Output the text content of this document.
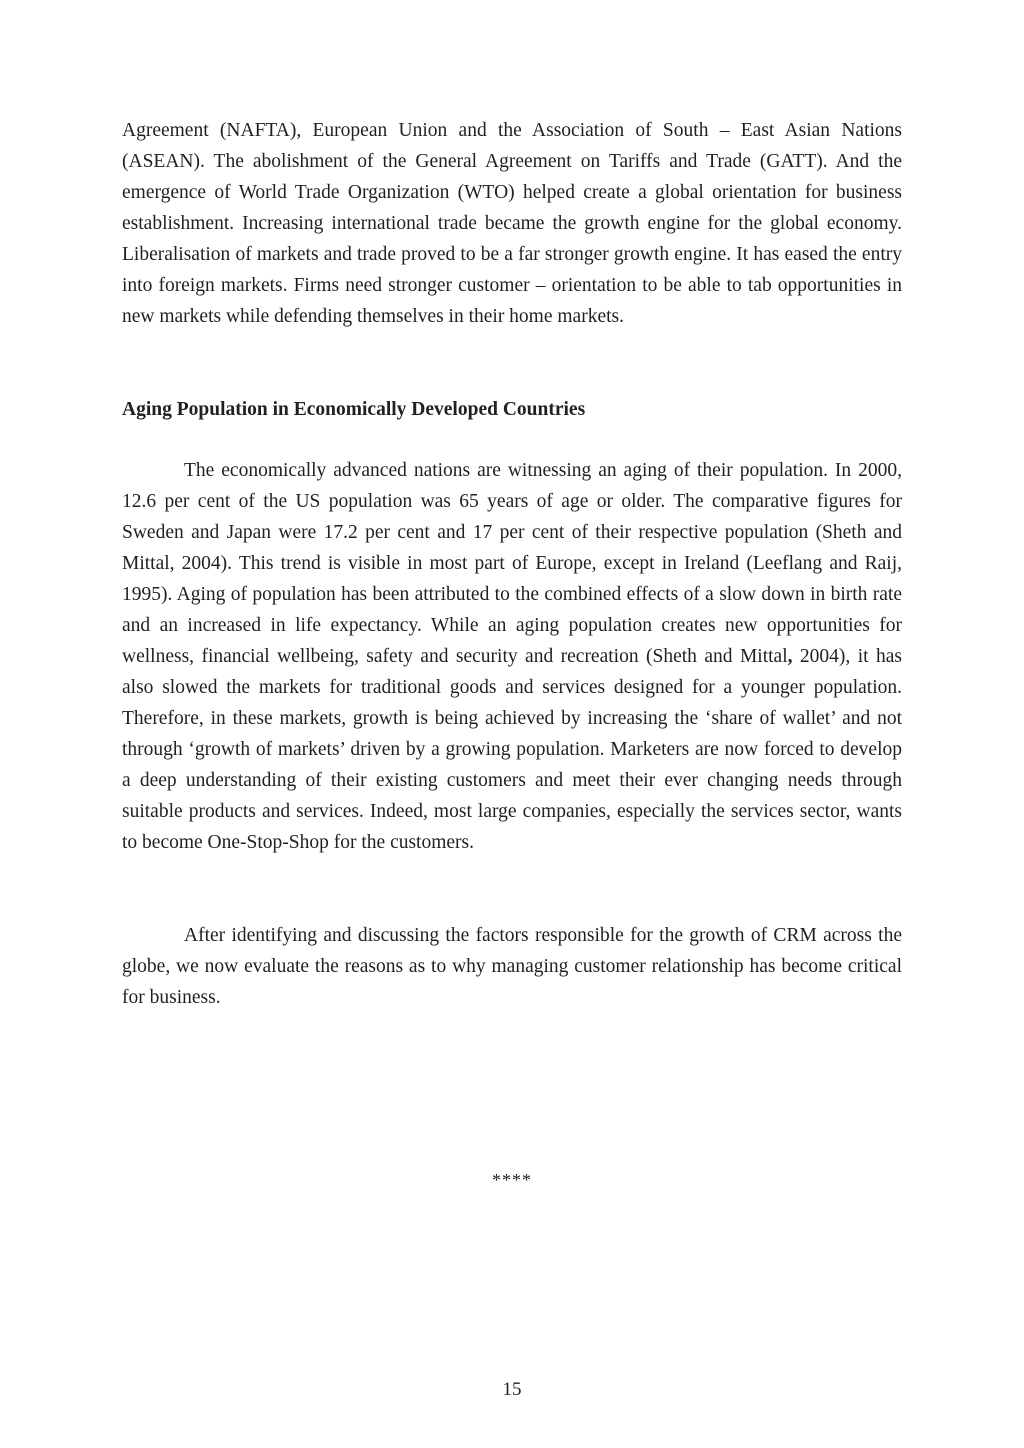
Agreement (NAFTA), European Union and the Association of South – East Asian Nations (ASEAN). The abolishment of the General Agreement on Tariffs and Trade (GATT). And the emergence of World Trade Organization (WTO) helped create a global orientation for business establishment. Increasing international trade became the growth engine for the global economy. Liberalisation of markets and trade proved to be a far stronger growth engine. It has eased the entry into foreign markets. Firms need stronger customer – orientation to be able to tab opportunities in new markets while defending themselves in their home markets.

Aging Population in Economically Developed Countries

The economically advanced nations are witnessing an aging of their population. In 2000, 12.6 per cent of the US population was 65 years of age or older. The comparative figures for Sweden and Japan were 17.2 per cent and 17 per cent of their respective population (Sheth and Mittal, 2004). This trend is visible in most part of Europe, except in Ireland (Leeflang and Raij, 1995). Aging of population has been attributed to the combined effects of a slow down in birth rate and an increased in life expectancy. While an aging population creates new opportunities for wellness, financial wellbeing, safety and security and recreation (Sheth and Mittal, 2004), it has also slowed the markets for traditional goods and services designed for a younger population. Therefore, in these markets, growth is being achieved by increasing the ‘share of wallet’ and not through ‘growth of markets’ driven by a growing population. Marketers are now forced to develop a deep understanding of their existing customers and meet their ever changing needs through suitable products and services. Indeed, most large companies, especially the services sector, wants to become One-Stop-Shop for the customers.

After identifying and discussing the factors responsible for the growth of CRM across the globe, we now evaluate the reasons as to why managing customer relationship has become critical for business.

****
15
